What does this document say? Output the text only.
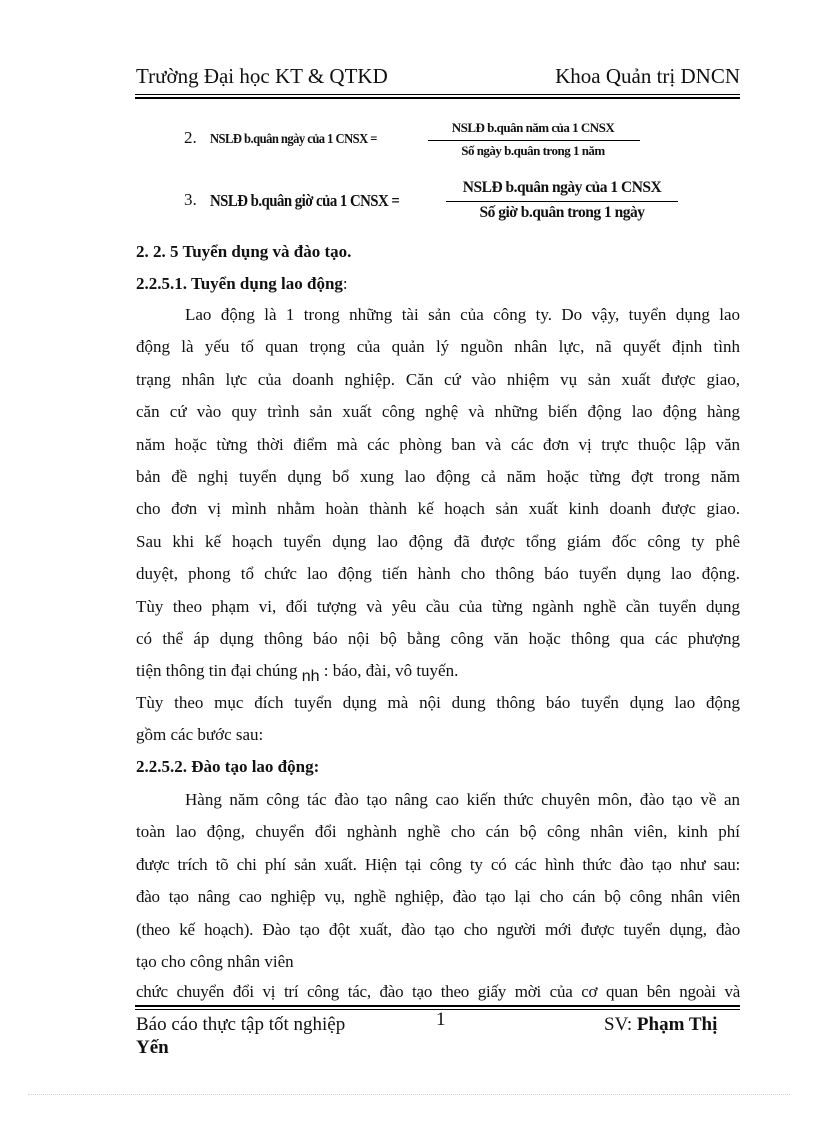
Trường Đại học KT & QTKD	Khoa Quản trị DNCN
2. NSLĐ b.quân ngày của 1 CNSX =
NSLĐ b.quân năm của 1 CNSX
Số ngày b.quân trong 1 năm
3. NSLĐ b.quân giờ của 1 CNSX =
NSLĐ b.quân ngày của 1 CNSX
Số giờ b.quân trong 1 ngày
2. 2. 5 Tuyển dụng và đào tạo.
2.2.5.1. Tuyển dụng lao động:
Lao động là 1 trong những tài sản của công ty. Do vậy, tuyển dụng lao
động là yếu tố quan trọng của quản lý nguồn nhân lực, nã quyết định tình
trạng nhân lực của doanh nghiệp. Căn cứ vào nhiệm vụ sản xuất được giao,
căn cứ vào quy trình sản xuất công nghệ và những biến động lao động hàng
năm hoặc từng thời điểm mà các phòng ban và các đơn vị trực thuộc lập văn
bản đề nghị tuyển dụng bổ xung lao động cả năm hoặc từng đợt trong năm
cho đơn vị mình nhằm hoàn thành kế hoạch sản xuất kinh doanh được giao.
Sau khi kế hoạch tuyển dụng lao động đã được tổng giám đốc công ty phê
duyệt, phong tổ chức lao động tiến hành cho thông báo tuyển dụng lao động.
Tùy theo phạm vi, đối tượng và yêu cầu của từng ngành nghề cần tuyển dụng
có thể áp dụng thông báo nội bộ bằng công văn hoặc thông qua các phượng
tiện thông tin đại chúng nh : báo, đài, vô tuyến.
Tùy theo mục đích tuyển dụng mà nội dung thông báo tuyển dụng lao động
gồm các bước sau:
2.2.5.2. Đào tạo lao động:
Hàng năm công tác đào tạo nâng cao kiến thức chuyên môn, đào tạo về an
toàn lao động, chuyển đổi nghành nghề cho cán bộ công nhân viên, kinh phí
được trích tõ chi phí sản xuất. Hiện tại công ty có các hình thức đào tạo như sau:
đào tạo nâng cao nghiệp vụ, nghề nghiệp, đào tạo lại cho cán bộ công nhân viên
(theo kế hoạch). Đào tạo đột xuất, đào tạo cho người mới được tuyển dụng, đào
tạo cho công nhân viên
chức chuyển đổi vị trí công tác, đào tạo theo giấy mời của cơ quan bên ngoài và
Báo cáo thực tập tốt nghiệp	1	SV: Phạm Thị
Yến
